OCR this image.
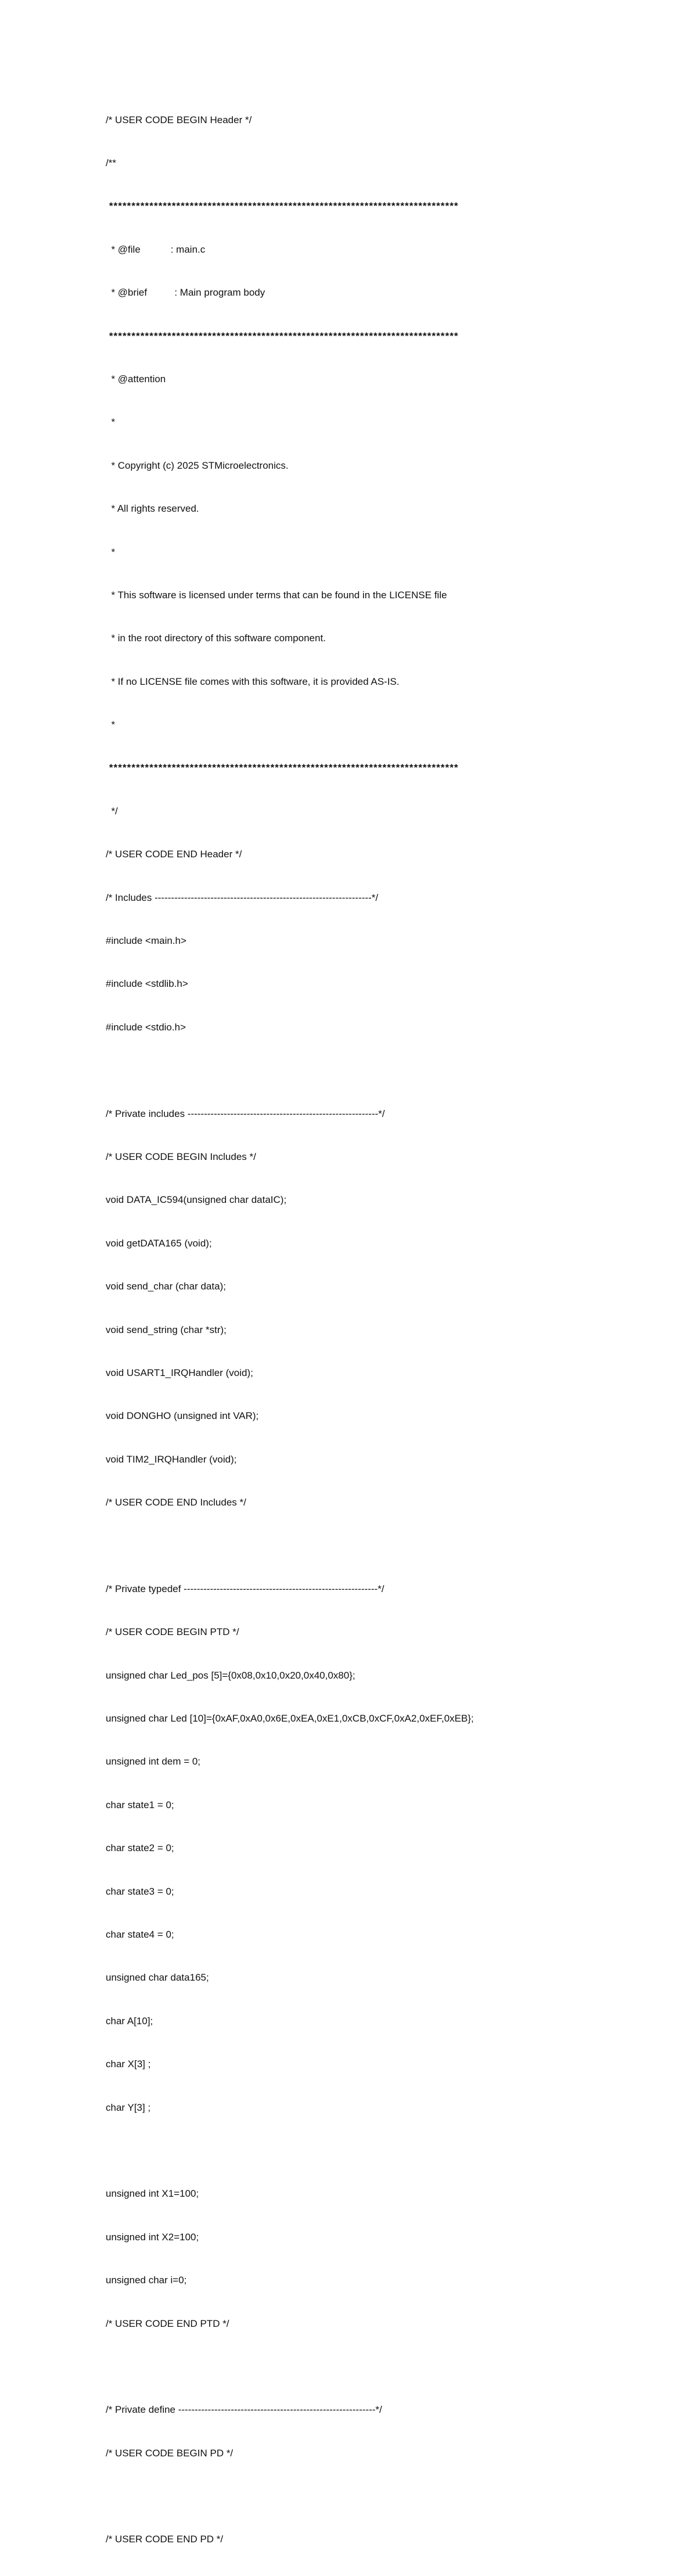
/* USER CODE BEGIN Header */

/**

******************************************************************************

* @file           : main.c

* @brief          : Main program body

******************************************************************************

* @attention

*

* Copyright (c) 2025 STMicroelectronics.

* All rights reserved.

*

* This software is licensed under terms that can be found in the LICENSE file

* in the root directory of this software component.

* If no LICENSE file comes with this software, it is provided AS-IS.

*

******************************************************************************

*/

/* USER CODE END Header */

/* Includes ------------------------------------------------------------------*/

#include <main.h>

#include <stdlib.h>

#include <stdio.h>

/* Private includes ----------------------------------------------------------*/

/* USER CODE BEGIN Includes */

void DATA_IC594(unsigned char dataIC);

void getDATA165 (void);

void send_char (char data);

void send_string (char *str);

void USART1_IRQHandler (void);

void DONGHO (unsigned int VAR);

void TIM2_IRQHandler (void);

/* USER CODE END Includes */

/* Private typedef -----------------------------------------------------------*/

/* USER CODE BEGIN PTD */

unsigned char Led_pos [5]={0x08,0x10,0x20,0x40,0x80};

unsigned char Led [10]={0xAF,0xA0,0x6E,0xEA,0xE1,0xCB,0xCF,0xA2,0xEF,0xEB};

unsigned int dem = 0;

char state1 = 0;

char state2 = 0;

char state3 = 0;

char state4 = 0;

unsigned char data165;

char A[10];

char X[3] ;

char Y[3] ;

unsigned int X1=100;

unsigned int X2=100;

unsigned char i=0;

/* USER CODE END PTD */

/* Private define ------------------------------------------------------------*/

/* USER CODE BEGIN PD */

/* USER CODE END PD */
